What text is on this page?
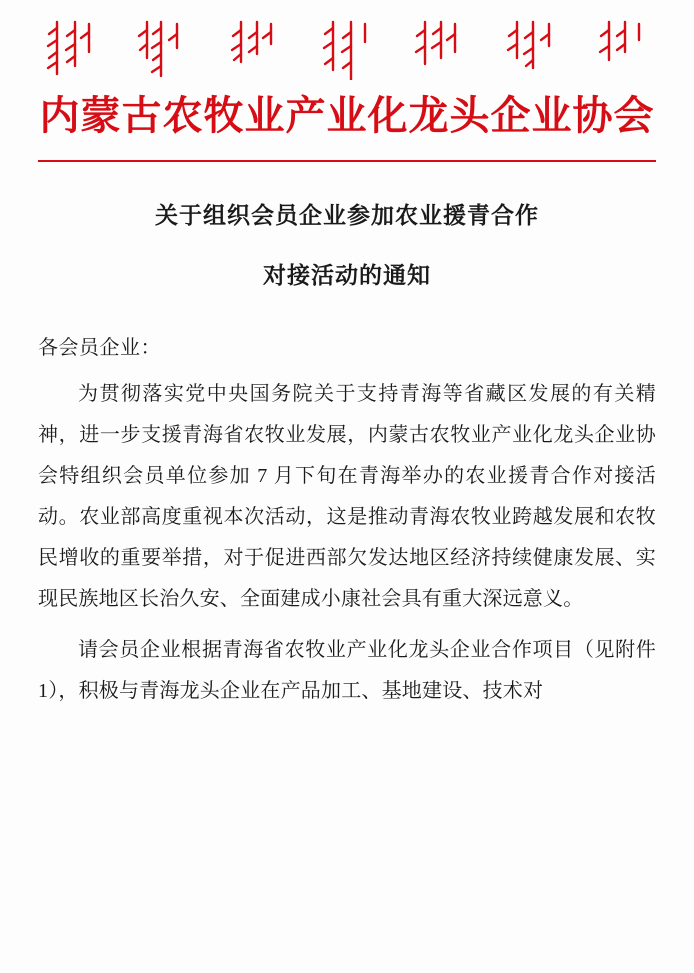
内蒙古农牧业产业化龙头企业协会
关于组织会员企业参加农业援青合作
对接活动的通知
各会员企业：

为贯彻落实党中央国务院关于支持青海等省藏区发展的有关精神，进一步支援青海省农牧业发展，内蒙古农牧业产业化龙头企业协会特组织会员单位参加 7 月下旬在青海举办的农业援青合作对接活动。农业部高度重视本次活动，这是推动青海农牧业跨越发展和农牧民增收的重要举措，对于促进西部欠发达地区经济持续健康发展、实现民族地区长治久安、全面建成小康社会具有重大深远意义。

请会员企业根据青海省农牧业产业化龙头企业合作项目（见附件 1），积极与青海龙头企业在产品加工、基地建设、技术对
